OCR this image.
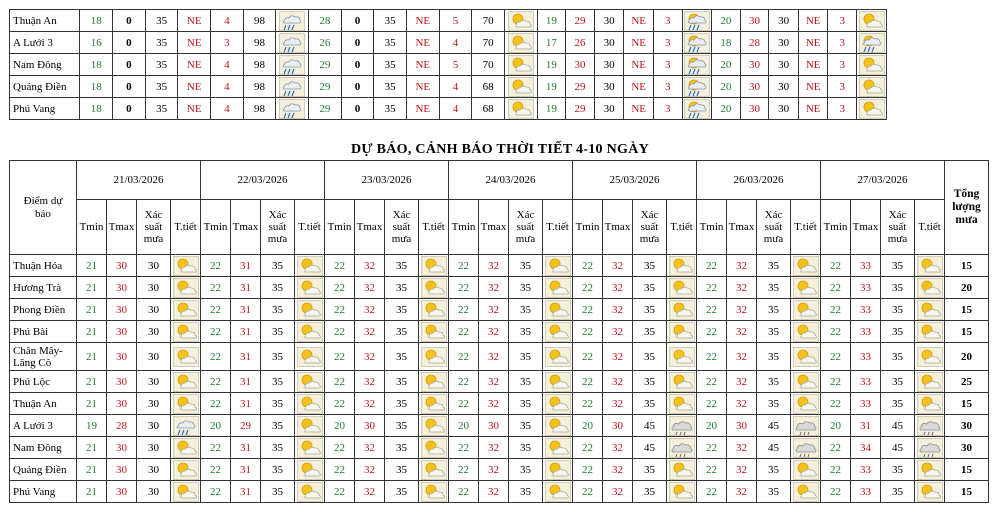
Thuận An	18	0	35	NE	4	98		28	0	35	NE	5	70		19	29	30	NE	3		20	30	30	NE	3	

A Lưới 3	16	0	35	NE	3	98		26	0	35	NE	4	70		17	26	30	NE	3		18	28	30	NE	3	

Nam Đông	18	0	35	NE	4	98		29	0	35	NE	5	70		19	30	30	NE	3		20	30	30	NE	3	

Quảng Điền	18	0	35	NE	4	98		29	0	35	NE	4	68		19	29	30	NE	3		20	30	30	NE	3	

Phú Vang	18	0	35	NE	4	98		29	0	35	NE	4	68		19	29	30	NE	3		20	30	30	NE	3	
DỰ BÁO, CẢNH BÁO THỜI TIẾT 4-10 NGÀY
Điểm dự báo	21/03/2026				22/03/2026				23/03/2026				24/03/2026				25/03/2026				26/03/2026				27/03/2026				Tổng lượng mưa
	Tmin	Tmax	Xác suất mưa	T.tiết	Tmin	Tmax	Xác suất mưa	T.tiết	Tmin	Tmax	Xác suất mưa	T.tiết	Tmin	Tmax	Xác suất mưa	T.tiết	Tmin	Tmax	Xác suất mưa	T.tiết	Tmin	Tmax	Xác suất mưa	T.tiết	Tmin	Tmax	Xác suất mưa	T.tiết	
Thuận Hóa	21	30	30		22	31	35		22	32	35		22	32	35		22	32	35		22	32	35		22	33	35		15
Hương Trà	21	30	30		22	31	35		22	32	35		22	32	35		22	32	35		22	32	35		22	33	35		20
Phong Điền	21	30	30		22	31	35		22	32	35		22	32	35		22	32	35		22	32	35		22	33	35		15
Phú Bài	21	30	30		22	31	35		22	32	35		22	32	35		22	32	35		22	32	35		22	33	35		15
Chân Mây-Lăng Cô	21	30	30		22	31	35		22	32	35		22	32	35		22	32	35		22	32	35		22	33	35		20
Phú Lộc	21	30	30		22	31	35		22	32	35		22	32	35		22	32	35		22	32	35		22	33	35		25
Thuận An	21	30	30		22	31	35		22	32	35		22	32	35		22	32	35		22	32	35		22	33	35		15
A Lưới 3	19	28	30		20	29	35		20	30	35		20	30	35		20	30	45		20	30	45		20	31	45		30
Nam Đông	21	30	30		22	31	35		22	32	35		22	32	35		22	32	45		22	32	45		22	34	45		30
Quảng Điền	21	30	30		22	31	35		22	32	35		22	32	35		22	32	35		22	32	35		22	33	35		15
Phú Vang	21	30	30		22	31	35		22	32	35		22	32	35		22	32	35		22	32	35		22	33	35		15
